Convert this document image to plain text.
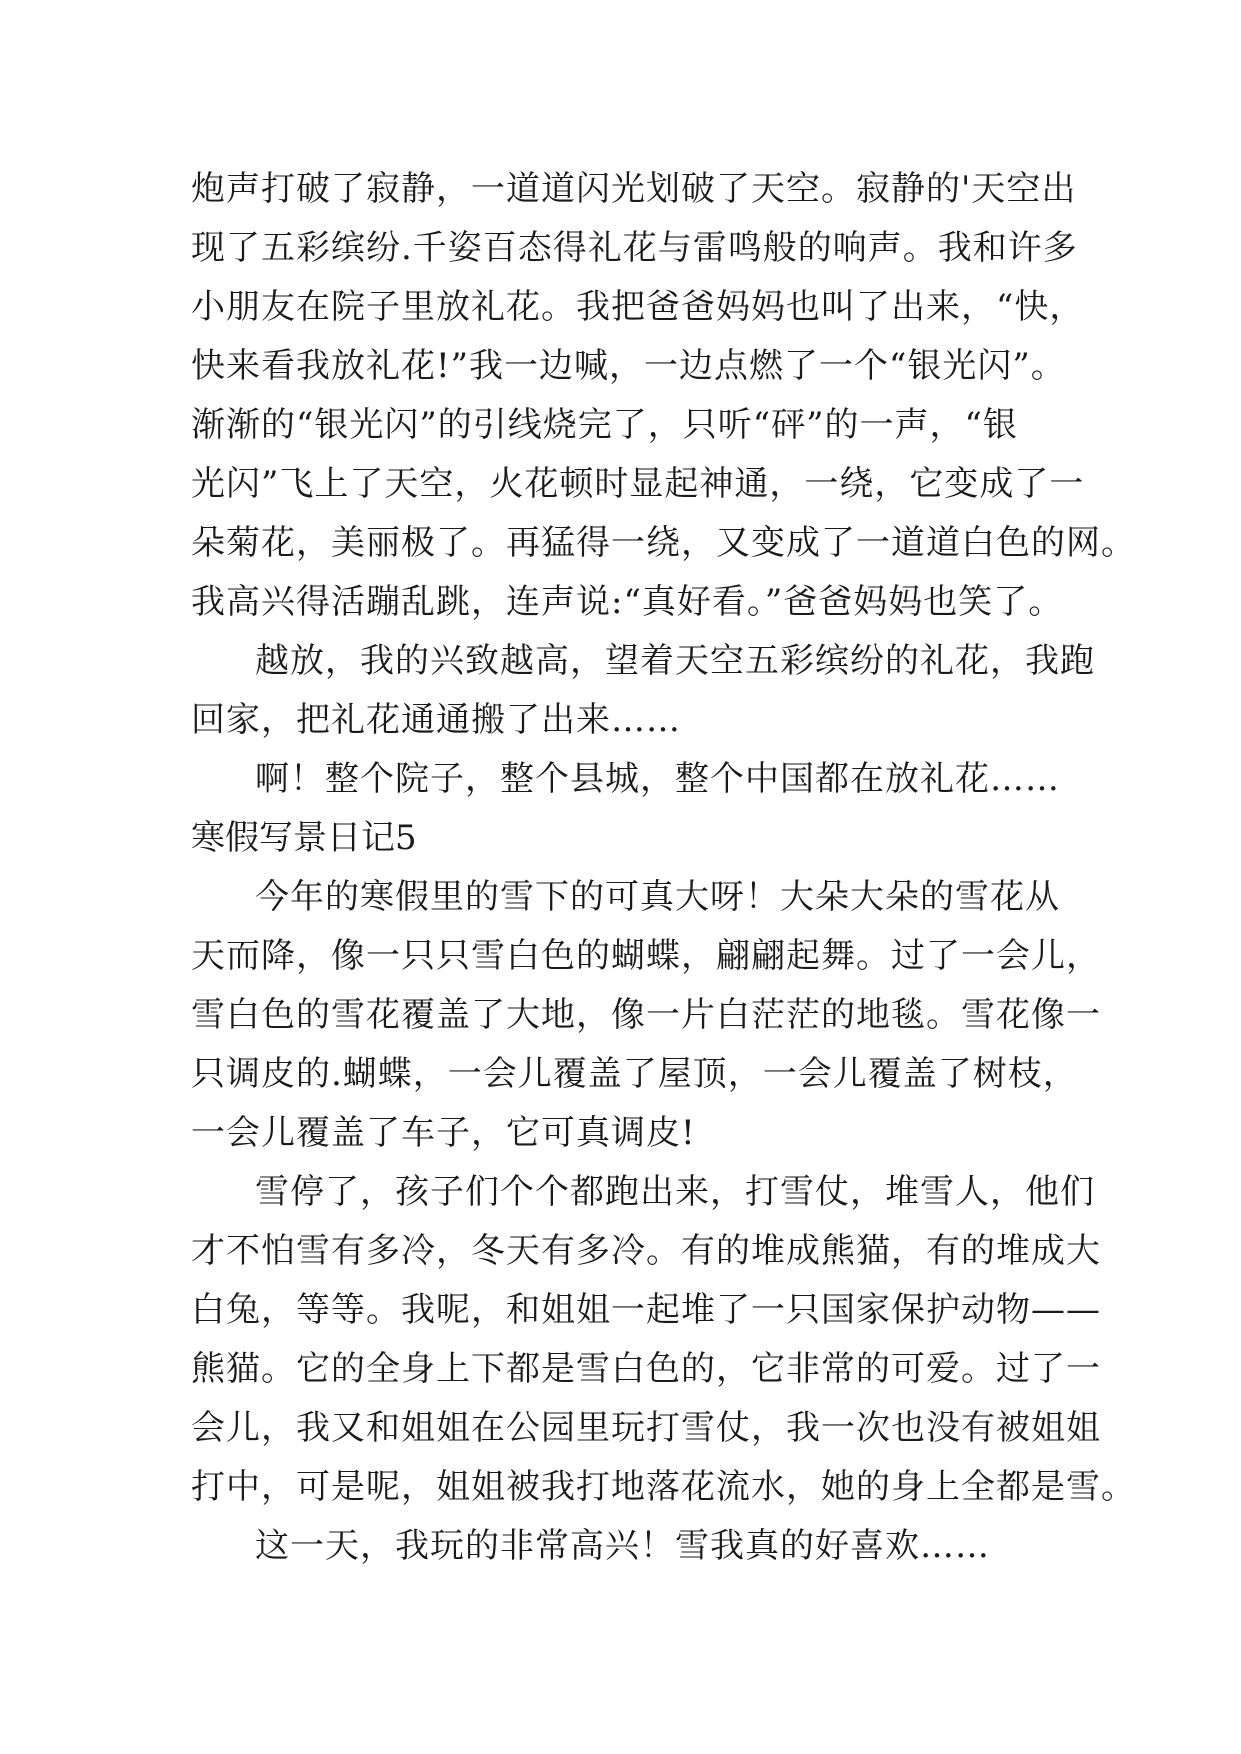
炮声打破了寂静，一道道闪光划破了天空。寂静的'天空出
现了五彩缤纷.千姿百态得礼花与雷鸣般的响声。我和许多
小朋友在院子里放礼花。我把爸爸妈妈也叫了出来，“快，
快来看我放礼花!”我一边喊，一边点燃了一个“银光闪”。
渐渐的“银光闪”的引线烧完了，只听“砰”的一声，“银
光闪”飞上了天空，火花顿时显起神通，一绕，它变成了一
朵菊花，美丽极了。再猛得一绕，又变成了一道道白色的网。
我高兴得活蹦乱跳，连声说:“真好看。”爸爸妈妈也笑了。
越放，我的兴致越高，望着天空五彩缤纷的礼花，我跑
回家，把礼花通通搬了出来……
啊！整个院子，整个县城，整个中国都在放礼花……
寒假写景日记5
今年的寒假里的雪下的可真大呀！大朵大朵的雪花从
天而降，像一只只雪白色的蝴蝶，翩翩起舞。过了一会儿，
雪白色的雪花覆盖了大地，像一片白茫茫的地毯。雪花像一
只调皮的.蝴蝶，一会儿覆盖了屋顶，一会儿覆盖了树枝，
一会儿覆盖了车子，它可真调皮!
雪停了，孩子们个个都跑出来，打雪仗，堆雪人，他们
才不怕雪有多冷，冬天有多冷。有的堆成熊猫，有的堆成大
白兔，等等。我呢，和姐姐一起堆了一只国家保护动物——
熊猫。它的全身上下都是雪白色的，它非常的可爱。过了一
会儿，我又和姐姐在公园里玩打雪仗，我一次也没有被姐姐
打中，可是呢，姐姐被我打地落花流水，她的身上全都是雪。
这一天，我玩的非常高兴！雪我真的好喜欢……
